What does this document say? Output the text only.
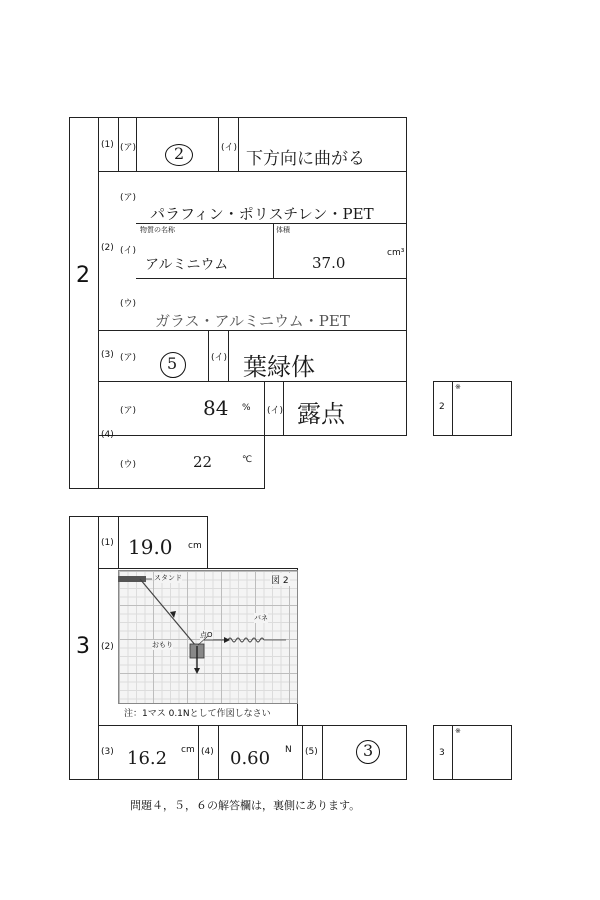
2
(1) (ア) 2	(イ)
下方向に曲がる
(2)
(ア)
パラフィン・ポリスチレン・PET
(イ)
物質の名称	体積
アルミニウム	37.0
cm³
(ウ)
ガラス・アルミニウム・PET
(3) (ア) 5	(イ) 葉緑体
(4)
(ア)	84 % (イ) 露点
(ウ)	22	℃
2
※
3
(1) 19.0 cm
(2)
図 2
スタンド
バネ
おもり
点O
注：1マス 0.1Nとして作図しなさい
(3) 16.2 cm (4) 0.60 N (5)	3	3
※
問題４，５，６の解答欄は，裏側にあります。
